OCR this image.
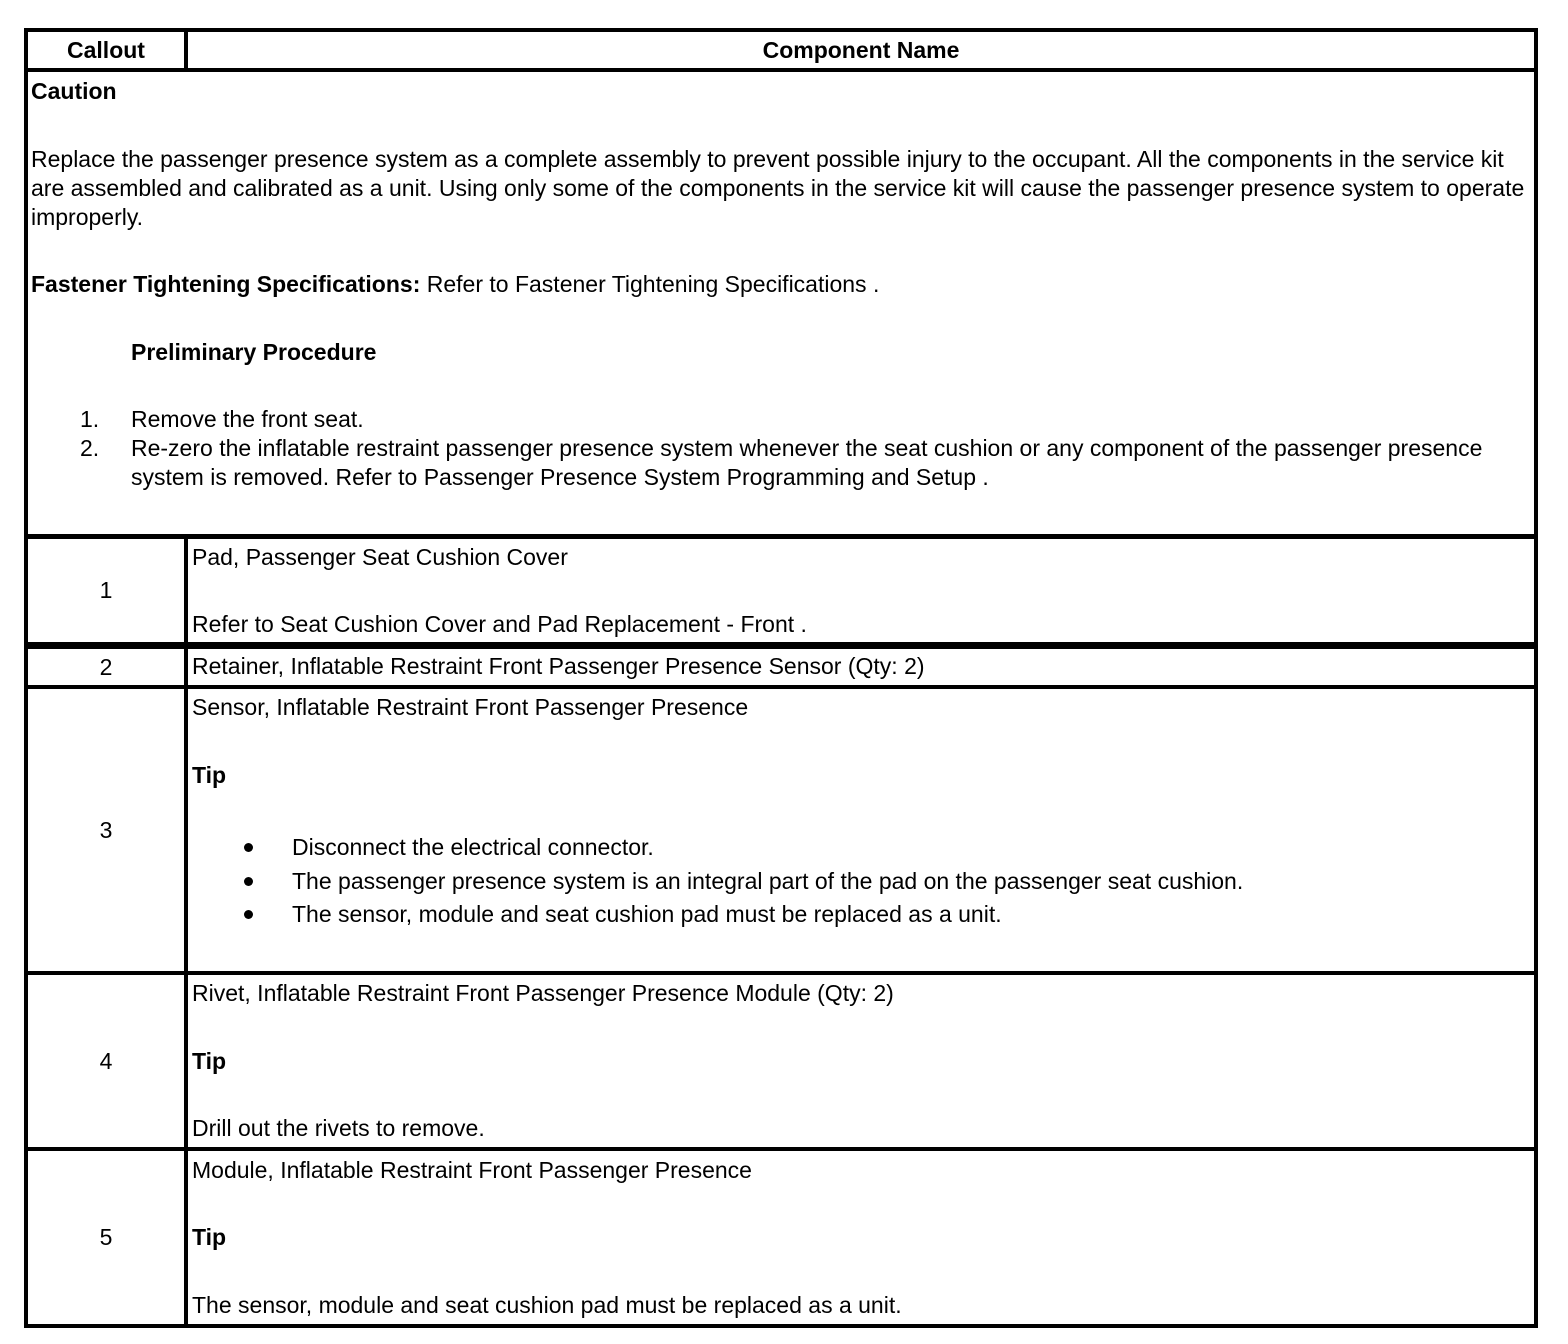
Callout	Component Name
Caution
Replace the passenger presence system as a complete assembly to prevent possible injury to the occupant. All the components in the service kit are assembled and calibrated as a unit. Using only some of the components in the service kit will cause the passenger presence system to operate improperly.
Fastener Tightening Specifications: Refer to Fastener Tightening Specifications .
Preliminary Procedure
1. Remove the front seat.
2. Re-zero the inflatable restraint passenger presence system whenever the seat cushion or any component of the passenger presence system is removed. Refer to Passenger Presence System Programming and Setup .
1
Pad, Passenger Seat Cushion Cover
Refer to Seat Cushion Cover and Pad Replacement - Front .
2	Retainer, Inflatable Restraint Front Passenger Presence Sensor (Qty: 2)
3
Sensor, Inflatable Restraint Front Passenger Presence
Tip
Disconnect the electrical connector.
The passenger presence system is an integral part of the pad on the passenger seat cushion.
The sensor, module and seat cushion pad must be replaced as a unit.
4
Rivet, Inflatable Restraint Front Passenger Presence Module (Qty: 2)
Tip
Drill out the rivets to remove.
5
Module, Inflatable Restraint Front Passenger Presence
Tip
The sensor, module and seat cushion pad must be replaced as a unit.
